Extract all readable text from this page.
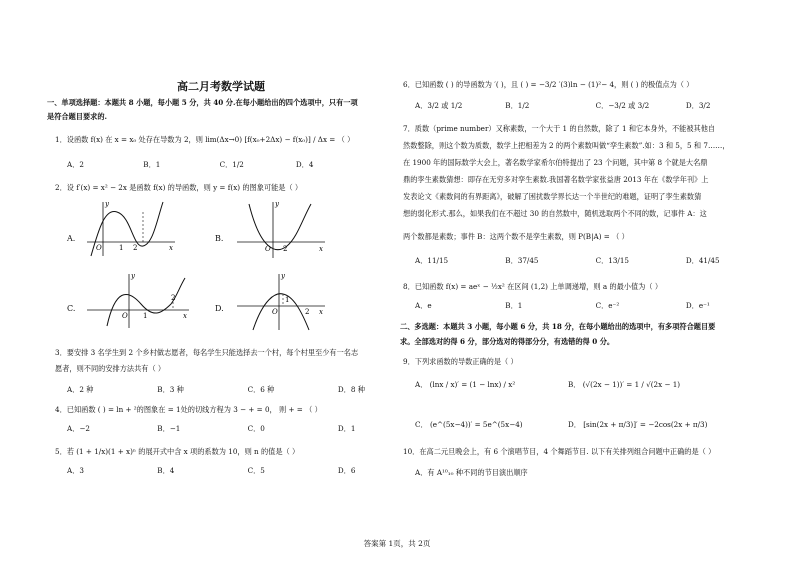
高二月考数学试题
一、单项选择题：本题共 8 小题，每小题 5 分，共 40 分.在每小题给出的四个选项中，只有一项
是符合题目要求的.
1．设函数 f(x) 在 x = x₀ 处存在导数为 2，则 lim(Δx→0) [f(x₀+2Δx) − f(x₀)] / Δx = （ ）
A．2	B．1	C．1/2	D．4
2．设 f′(x) = x² − 2x 是函数 f(x) 的导函数，则 y = f(x) 的图象可能是（ ）
A.
O 1 2	x
y
B.
O 2	x
y
C.
O 1
2
x
y
D.	O
1
2 x
y
3．要安排 3 名学生到 2 个乡村做志愿者，每名学生只能选择去一个村，每个村里至少有一名志
愿者，则不同的安排方法共有（ ）
A．2 种	B．3 种	C．6 种	D．8 种
4．已知函数 ( ) = ln + ²的图象在 = 1处的切线方程为 3 − + = 0， 则 + = （ ）
A．−2	B．−1	C．0	D．1
5．若 (1 + 1/x)(1 + x)ⁿ 的展开式中含 x 项的系数为 10，则 n 的值是（ ）
A．3	B．4	C．5	D．6
6．已知函数 ( ) 的导函数为 ′( )，且 ( ) = −3/2 ′(3)ln − (1)²− 4，则 ( ) 的极值点为（ ）
A．3/2 或 1/2	B．1/2	C．−3/2 或 3/2	D．3/2
7．质数（prime number）又称素数，一个大于 1 的自然数，除了 1 和它本身外，不能被其他自
然数整除，则这个数为质数，数学上把相差为 2 的两个素数叫做“孪生素数”.如：3 和 5，5 和 7……，
在 1900 年的国际数学大会上，著名数学家希尔伯特提出了 23 个问题，其中第 8 个就是大名鼎
鼎的孪生素数猜想：即存在无穷多对孪生素数.我国著名数学家张益唐 2013 年在《数学年刊》上
发表论文《素数间的有界距离》，破解了困扰数学界长达一个半世纪的难题，证明了孪生素数猜
想的弱化形式.那么，如果我们在不超过 30 的自然数中，随机选取两个不同的数，记事件 A：这
两个数都是素数；事件 B：这两个数不是孪生素数，则 P(B|A) = （ ）
A．11/15	B．37/45	C．13/15	D．41/45
8．已知函数 f(x) = aeˣ − ½x² 在区间 (1,2) 上单调递增，则 a 的最小值为（ ）
A．e	B．1	C．e⁻²	D．e⁻¹
二、多选题：本题共 3 小题，每小题 6 分，共 18 分，在每小题给出的选项中，有多项符合题目要
求。全部选对的得 6 分，部分选对的得部分分，有选错的得 0 分。
9．下列求函数的导数正确的是（ ）
A． (lnx / x)′ = (1 − lnx) / x²	B． (√(2x − 1))′ = 1 / √(2x − 1)
C． (e^(5x−4))′ = 5e^(5x−4)	D． [sin(2x + π/3)]′ = −2cos(2x + π/3)
10．在高二元旦晚会上，有 6 个演唱节目，4 个舞蹈节目. 以下有关排列组合问题中正确的是（ ）
A．有 A¹⁰₁₀ 种不同的节目演出顺序
答案第 1页，共 2页
